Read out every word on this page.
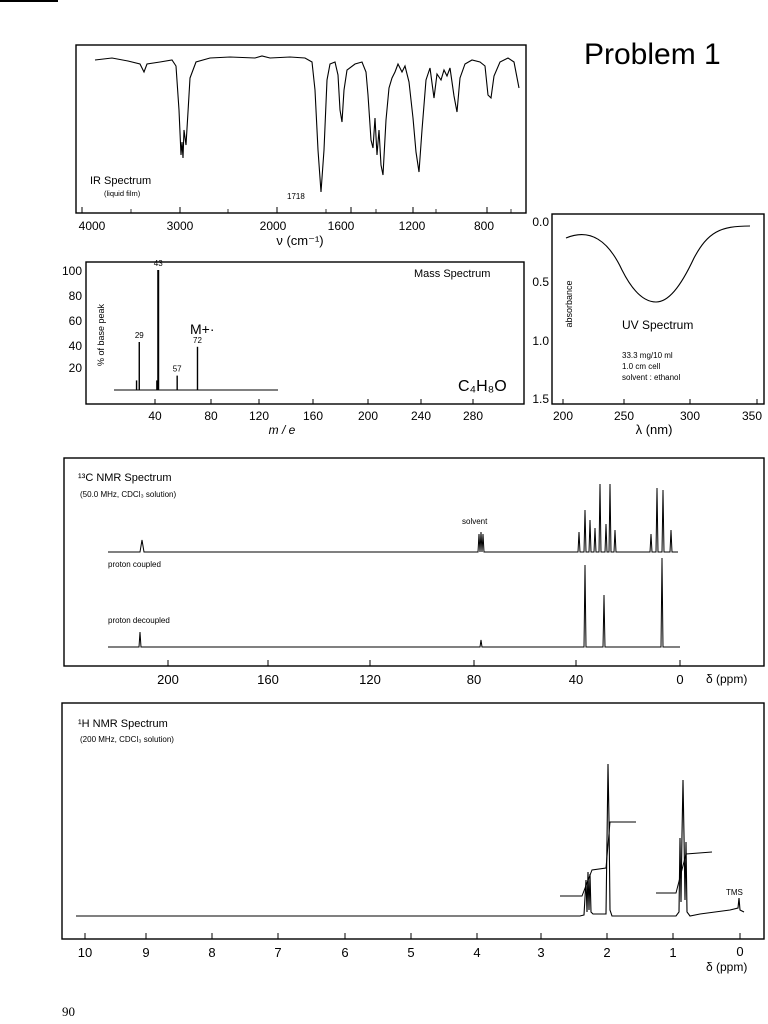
Problem 1
90
IR Spectrum
(liquid film)	1718
4000	3000	2000	1600	1200	800
ν (cm⁻¹)
Mass Spectrum
% of base peak
100
80
60
40
20
29
43
57
72
M+·
C₄H₈O
40	80	120	160	200	240	280
m / e
absorbance	UV Spectrum
33.3 mg/10 ml
1.0 cm cell
solvent : ethanol
0.0
0.5
1.0
1.5
200	250	300	350
λ (nm)
¹³C NMR Spectrum
(50.0 MHz, CDCl₃ solution)
solvent
proton coupled
proton decoupled
200	160	120	80	40	0 δ (ppm)
¹H NMR Spectrum
(200 MHz, CDCl₃ solution)
TMS
10	9	8	7	6	5	4	3	2	1	0
δ (ppm)
